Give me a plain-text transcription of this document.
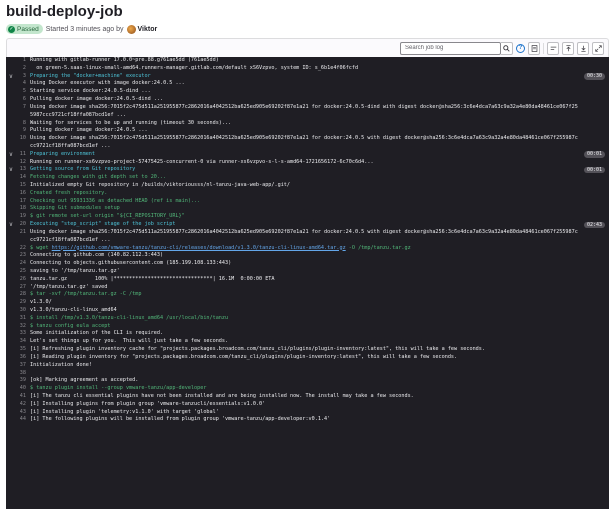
build-deploy-job
✓ Passed Started 3 minutes ago by Viktor
Search job log
?
1 Running with gitlab-runner 17.0.0~pre.88.g761ae5dd (761ae5dd)
2 on green-5.saas-linux-small-amd64.runners-manager.gitlab.com/default xS6Vzpvo, system ID: s_6b1e4f06fcfd
∨	3 Preparing the "docker+machine" executor	00:30
4 Using Docker executor with image docker:24.0.5 ...
5 Starting service docker:24.0.5-dind ...
6 Pulling docker image docker:24.0.5-dind ...
7 Using docker image sha256:7015f2c475d511a251955877c2862016a4042512ba625ed905e69202f87e1a21 for docker:24.0.5-dind with digest docker@sha256:3c6e4dca7a63c9a32a4e80da48461ce067f255987ccc9721cf18ffa087bcd1ef ...
8 Waiting for services to be up and running (timeout 30 seconds)...
9 Pulling docker image docker:24.0.5 ...
10 Using docker image sha256:7015f2c475d511a251955877c2862016a4042512ba625ed905e69202f87e1a21 for docker:24.0.5 with digest docker@sha256:3c6e4dca7a63c9a32a4e80da48461ce067f255987ccc9721cf18ffa087bcd1ef ...
∨	11 Preparing environment	00:01
12 Running on runner-xs6vzpvo-project-57475425-concurrent-0 via runner-xs6vzpvo-s-l-s-amd64-1721656172-6c70c6d4...
∨	13 Getting source from Git repository	00:01
14 Fetching changes with git depth set to 20...
15 Initialized empty Git repository in /builds/viktoriousss/nl-tanzu-java-web-app/.git/
16 Created fresh repository.
17 Checking out 95931336 as detached HEAD (ref is main)...
18 Skipping Git submodules setup
19 $ git remote set-url origin "${CI_REPOSITORY_URL}"
∨	20 Executing "step_script" stage of the job script	02:43
21 Using docker image sha256:7015f2c475d511a251955877c2862016a4042512ba625ed905e69202f87e1a21 for docker:24.0.5 with digest docker@sha256:3c6e4dca7a63c9a32a4e80da48461ce067f255987ccc9721cf18ffa087bcd1ef ...
22 $ wget https://github.com/vmware-tanzu/tanzu-cli/releases/download/v1.3.0/tanzu-cli-linux-amd64.tar.gz -O /tmp/tanzu.tar.gz
23 Connecting to github.com (140.82.112.3:443)
24 Connecting to objects.githubusercontent.com (185.199.108.133:443)
25 saving to '/tmp/tanzu.tar.gz'
26 tanzu.tar.gz         100% |********************************| 16.1M  0:00:00 ETA
27 '/tmp/tanzu.tar.gz' saved
28 $ tar -xvf /tmp/tanzu.tar.gz -C /tmp
29 v1.3.0/
30 v1.3.0/tanzu-cli-linux_amd64
31 $ install /tmp/v1.3.0/tanzu-cli-linux_amd64 /usr/local/bin/tanzu
32 $ tanzu config eula accept
33 Some initialization of the CLI is required.
34 Let's set things up for you.  This will just take a few seconds.
35 [i] Refreshing plugin inventory cache for "projects.packages.broadcom.com/tanzu_cli/plugins/plugin-inventory:latest", this will take a few seconds.
36 [i] Reading plugin inventory for "projects.packages.broadcom.com/tanzu_cli/plugins/plugin-inventory:latest", this will take a few seconds.
37 Initialization done!
38
39 [ok] Marking agreement as accepted.
40 $ tanzu plugin install --group vmware-tanzu/app-developer
41 [i] The tanzu cli essential plugins have not been installed and are being installed now. The install may take a few seconds.
42 [i] Installing plugins from plugin group 'vmware-tanzucli/essentials:v1.0.0'
43 [i] Installing plugin 'telemetry:v1.1.0' with target 'global'
44 [i] The following plugins will be installed from plugin group 'vmware-tanzu/app-developer:v0.1.4'
